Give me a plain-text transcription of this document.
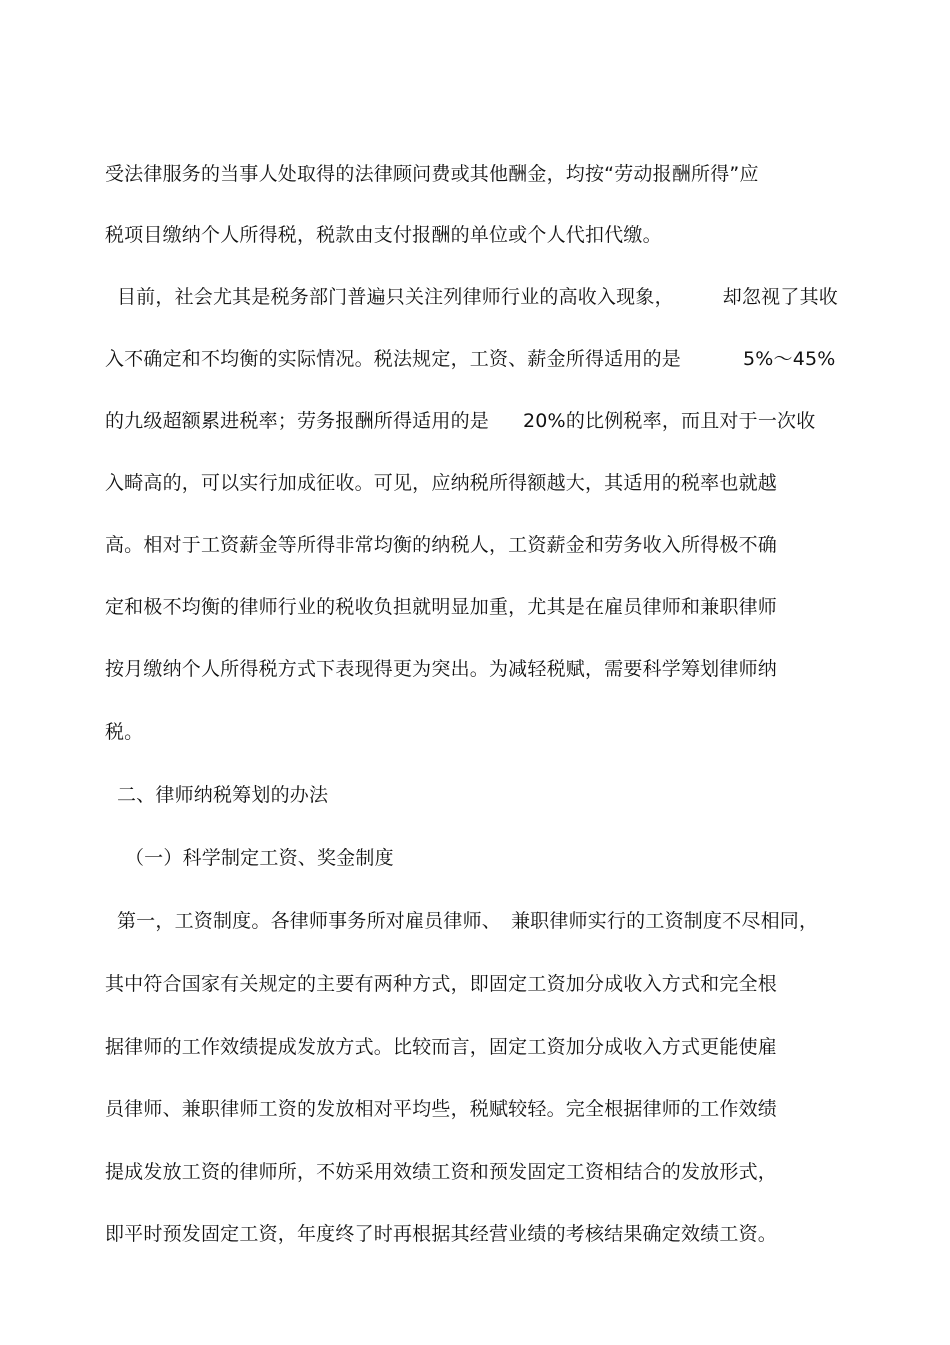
受法律服务的当事人处取得的法律顾问费或其他酬金，均按“劳动报酬所得”应

税项目缴纳个人所得税，税款由支付报酬的单位或个人代扣代缴。

目前，社会尤其是税务部门普遍只关注列律师行业的高收入现象，	却忽视了其收

入不确定和不均衡的实际情况。税法规定，工资、薪金所得适用的是	5%～45%

的九级超额累进税率；劳务报酬所得适用的是 20%的比例税率，而且对于一次收

入畸高的，可以实行加成征收。可见，应纳税所得额越大，其适用的税率也就越

高。相对于工资薪金等所得非常均衡的纳税人，工资薪金和劳务收入所得极不确

定和极不均衡的律师行业的税收负担就明显加重，尤其是在雇员律师和兼职律师

按月缴纳个人所得税方式下表现得更为突出。为减轻税赋，需要科学筹划律师纳

税。

二、律师纳税筹划的办法

（一）科学制定工资、奖金制度

第一，工资制度。各律师事务所对雇员律师、 兼职律师实行的工资制度不尽相同，

其中符合国家有关规定的主要有两种方式，即固定工资加分成收入方式和完全根

据律师的工作效绩提成发放方式。比较而言，固定工资加分成收入方式更能使雇

员律师、兼职律师工资的发放相对平均些，税赋较轻。完全根据律师的工作效绩

提成发放工资的律师所，不妨采用效绩工资和预发固定工资相结合的发放形式，

即平时预发固定工资，年度终了时再根据其经营业绩的考核结果确定效绩工资。
